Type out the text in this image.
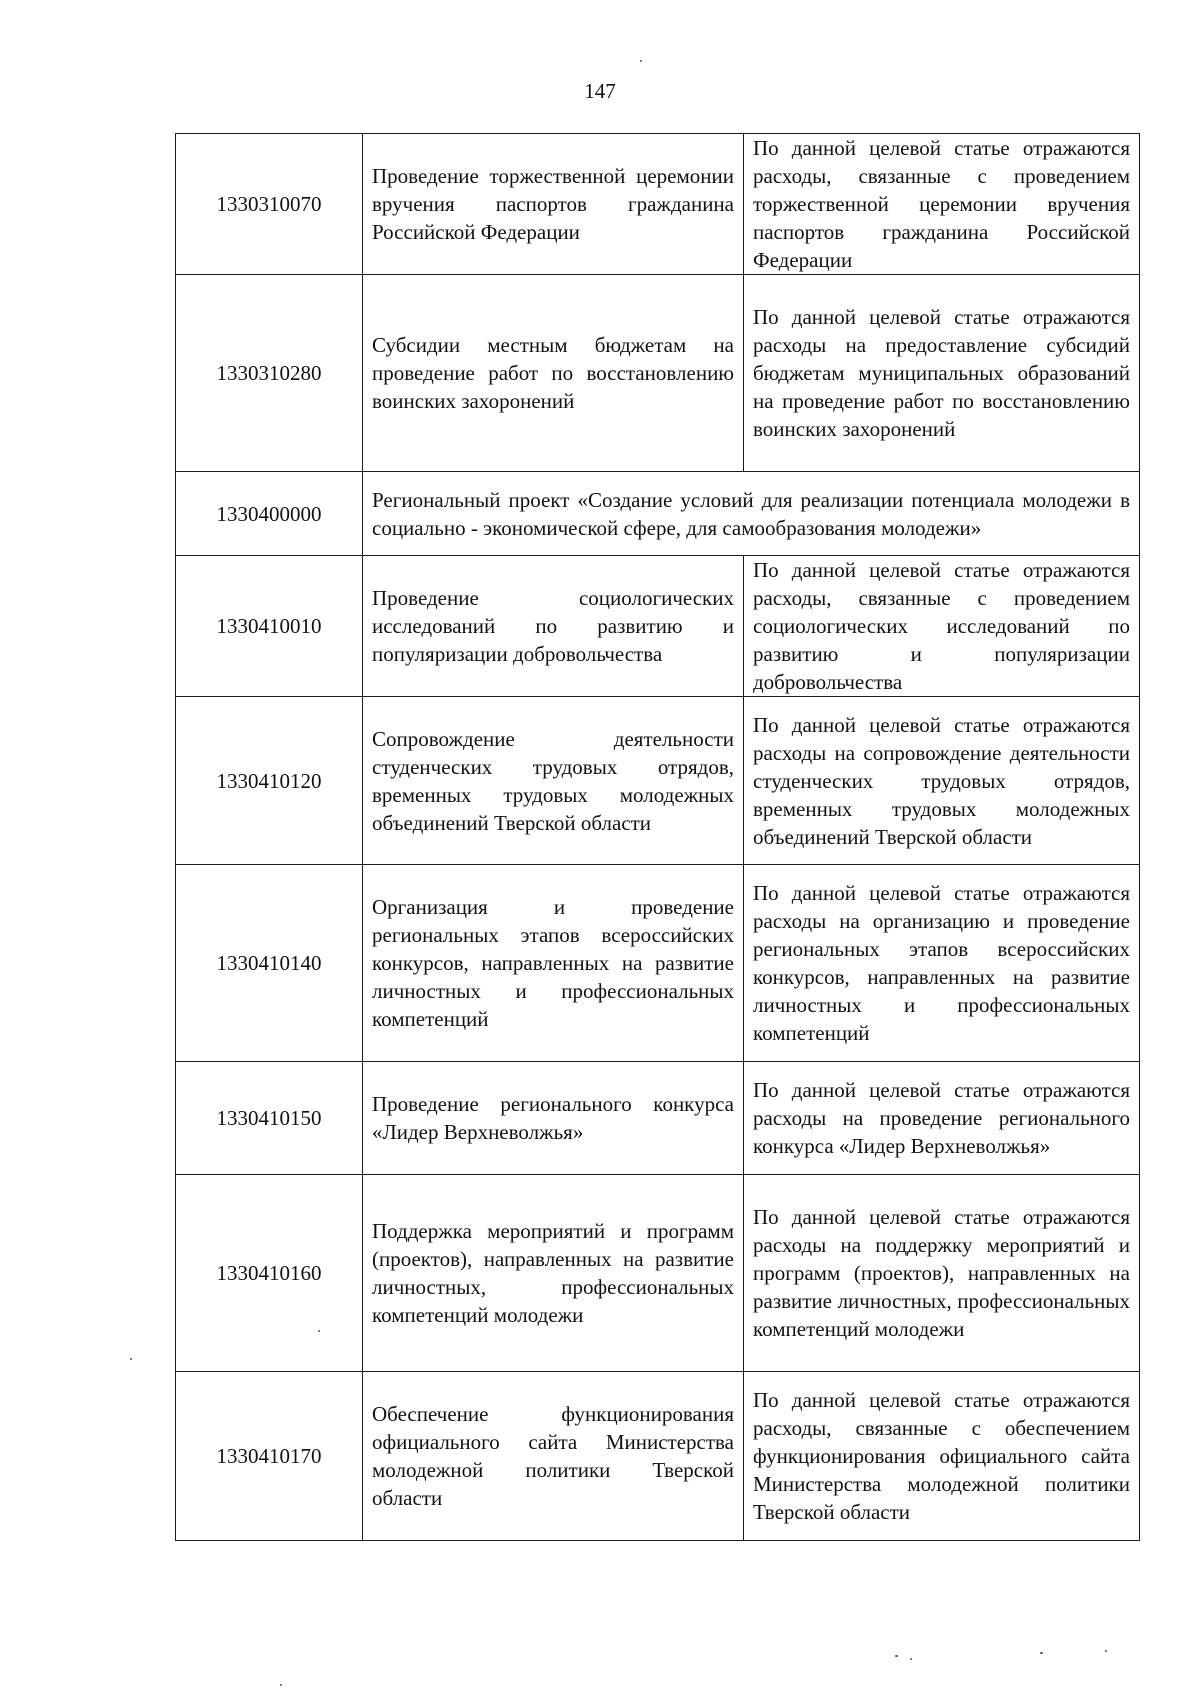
147
1330310070	Проведение торжественной церемонии вручения паспортов гражданина Российской Федерации	По данной целевой статье отражаются расходы, связанные с проведением торжественной церемонии вручения паспортов гражданина Российской Федерации
1330310280	Субсидии местным бюджетам на проведение работ по восстановлению воинских захоронений	По данной целевой статье отражаются расходы на предоставление субсидий бюджетам муниципальных образований на проведение работ по восстановлению воинских захоронений
1330400000	Региональный проект «Создание условий для реализации потенциала молодежи в социально - экономической сфере, для самообразования молодежи»	
1330410010	Проведение социологических исследований по развитию и популяризации добровольчества	По данной целевой статье отражаются расходы, связанные с проведением социологических исследований по развитию и популяризации добровольчества
1330410120	Сопровождение деятельности студенческих трудовых отрядов, временных трудовых молодежных объединений Тверской области	По данной целевой статье отражаются расходы на сопровождение деятельности студенческих трудовых отрядов, временных трудовых молодежных объединений Тверской области
1330410140	Организация и проведение региональных этапов всероссийских конкурсов, направленных на развитие личностных и профессиональных компетенций	По данной целевой статье отражаются расходы на организацию и проведение региональных этапов всероссийских конкурсов, направленных на развитие личностных и профессиональных компетенций
1330410150	Проведение регионального конкурса «Лидер Верхневолжья»	По данной целевой статье отражаются расходы на проведение регионального конкурса «Лидер Верхневолжья»
1330410160	Поддержка мероприятий и программ (проектов), направленных на развитие личностных, профессиональных компетенций молодежи	По данной целевой статье отражаются расходы на поддержку мероприятий и программ (проектов), направленных на развитие личностных, профессиональных компетенций молодежи
1330410170	Обеспечение функционирования официального сайта Министерства молодежной политики Тверской области	По данной целевой статье отражаются расходы, связанные с обеспечением функционирования официального сайта Министерства молодежной политики Тверской области
